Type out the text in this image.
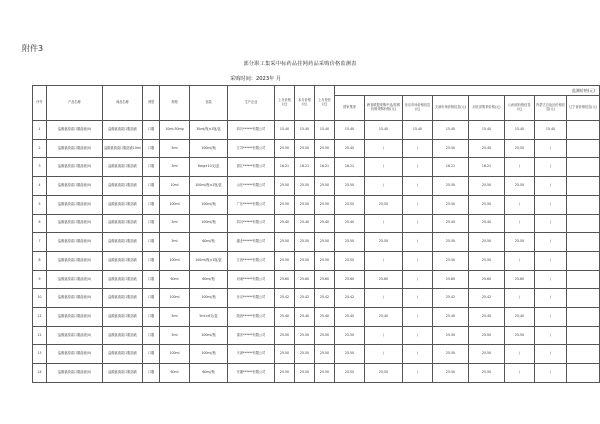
附件3
部分职工集采中标药品挂网药品采购价格监测表
采购时间：2023年 月
序号	产品名称	商品名称	剂型	规格	包装	生产企业	上月价格(元)	本月价格(元)	上月差价(元)	监测价格(元)							
										国家集采	跨省联盟采购中选/挂网价格采购价格(元)	北京市场价格信息(元)	天津市场价格信息(元)	河北省集采价格(元)	山西省价格信息(元)	内蒙古自治区价格信息(元)	辽宁省价格信息(元)
1	盐酸氨溴索口服溶液(II)	盐酸氨溴索口服溶液	口服	10ml:30mg	30ml/瓶×1瓶/盒	四川******有限公司	15.40	15.40	15.40	15.40	15.40	15.40	15.40	15.40	15.40	15.40	
2	盐酸氨溴索口服溶液(II)	盐酸氨溴索口服溶液10ml	口服	5ml	100ml/瓶	江苏******有限公司	25.50	25.50	25.50	25.40	/	/	25.50	25.40	25.50	/	
3	盐酸氨溴索口服溶液(II)	盐酸氨溴索口服溶液	口服	3ml	6mg×10支/盒	浙江******有限公司	16.21	16.21	16.21	16.21	/	/	16.21	16.21	/	/	
4	盐酸氨溴索口服溶液(II)	盐酸氨溴索口服溶液	口服	10ml	100ml/瓶×1瓶/盒	山东******有限公司	25.50	25.50	25.50	25.50	/	/	25.50	25.50	25.50	/	
5	盐酸氨溴索口服溶液(II)	盐酸氨溴索口服溶液	口服	100ml	100ml/瓶	广东******有限公司	25.50	25.50	25.50	25.50	25.50	/	25.50	25.50	/	/	
6	盐酸氨溴索口服溶液(II)	盐酸氨溴索口服溶液	口服	5ml	100ml/瓶	四川******有限公司	25.40	25.40	25.40	25.40	/	/	25.40	25.40	/	/	
7	盐酸氨溴索口服溶液(II)	盐酸氨溴索口服溶液	口服	5ml	60ml/瓶	湖北******有限公司	25.50	25.50	25.50	25.50	25.50	/	25.50	25.50	25.50	/	
8	盐酸氨溴索口服溶液(II)	盐酸氨溴索口服溶液	口服	100ml	100ml/瓶×1瓶/盒	江西******有限公司	25.50	25.50	25.50	25.50	/	/	25.50	25.50	/	/	
9	盐酸氨溴索口服溶液(II)	盐酸氨溴索口服溶液	口服	60ml	60ml/瓶	河南******有限公司	25.60	25.60	25.60	25.60	25.60	/	25.60	25.60	25.60	/	
10	盐酸氨溴索口服溶液(II)	盐酸氨溴索口服溶液	口服	100ml	100ml/瓶	北京******有限公司	25.42	25.42	25.42	25.42	/	/	25.42	25.42	/	/	
11	盐酸氨溴索口服溶液(II)	盐酸氨溴索口服溶液	口服	5ml	5ml×6支/盒	陕西******有限公司	25.40	25.40	25.40	25.40	25.40	/	25.40	25.40	25.40	/	
12	盐酸氨溴索口服溶液(II)	盐酸氨溴索口服溶液	口服	5ml	100ml/瓶	重庆******有限公司	25.50	25.50	25.50	25.50	/	/	25.50	25.50	25.50	/	
13	盐酸氨溴索口服溶液(II)	盐酸氨溴索口服溶液	口服	100ml	100ml/瓶	天津******有限公司	25.50	25.50	25.50	25.50	/	/	25.50	25.50	/	/	
14	盐酸氨溴索口服溶液(II)	盐酸氨溴索口服溶液	口服	60ml	60ml/瓶	安徽******有限公司	25.50	25.50	25.50	25.50	25.50	/	25.50	25.50	/	/	
